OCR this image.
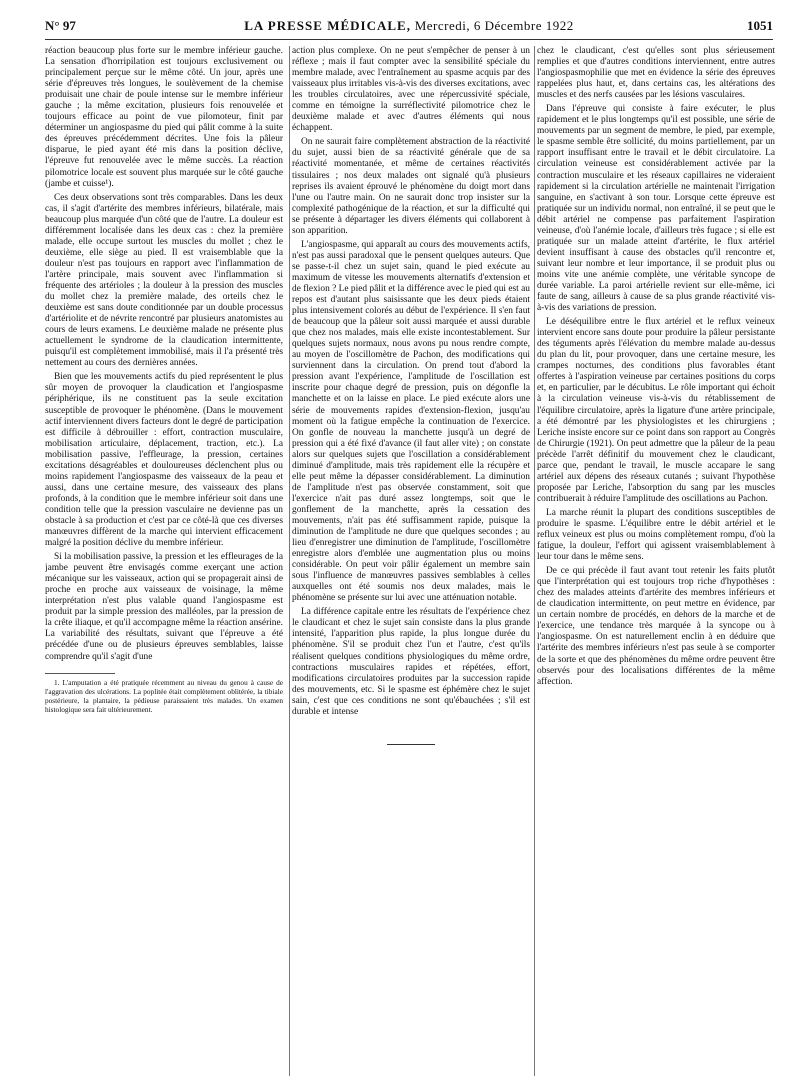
N° 97	LA PRESSE MÉDICALE, Mercredi, 6 Décembre 1922	1051

réaction beaucoup plus forte sur le membre inférieur gauche. La sensation d'horripilation est toujours exclusivement ou principalement perçue sur le même côté. Un jour, après une série d'épreuves très longues, le soulèvement de la chemise produisait une chair de poule intense sur le membre inférieur gauche ; la même excitation, plusieurs fois renouvelée et toujours efficace au point de vue pilomoteur, finit par déterminer un angiospasme du pied qui pâlit comme à la suite des épreuves précédemment décrites. Une fois la pâleur disparue, le pied ayant été mis dans la position déclive, l'épreuve fut renouvelée avec le même succès. La réaction pilomotrice locale est souvent plus marquée sur le côté gauche (jambe et cuisse¹).

Ces deux observations sont très comparables. Dans les deux cas, il s'agit d'artérite des membres inférieurs, bilatérale, mais beaucoup plus marquée d'un côté que de l'autre. La douleur est différemment localisée dans les deux cas : chez la première malade, elle occupe surtout les muscles du mollet ; chez le deuxième, elle siège au pied. Il est vraisemblable que la douleur n'est pas toujours en rapport avec l'inflammation de l'artère principale, mais souvent avec l'inflammation si fréquente des artérioles ; la douleur à la pression des muscles du mollet chez la première malade, des orteils chez le deuxième est sans doute conditionnée par un double processus d'artériolite et de névrite rencontré par plusieurs anatomistes au cours de leurs examens. Le deuxième malade ne présente plus actuellement le syndrome de la claudication intermittente, puisqu'il est complètement immobilisé, mais il l'a présenté très nettement au cours des dernières années.

Bien que les mouvements actifs du pied représentent le plus sûr moyen de provoquer la claudication et l'angiospasme périphérique, ils ne constituent pas la seule excitation susceptible de provoquer le phénomène. (Dans le mouvement actif interviennent divers facteurs dont le degré de participation est difficile à débrouiller : effort, contraction musculaire, mobilisation articulaire, déplacement, traction, etc.). La mobilisation passive, l'effleurage, la pression, certaines excitations désagréables et douloureuses déclenchent plus ou moins rapidement l'angiospasme des vaisseaux de la peau et aussi, dans une certaine mesure, des vaisseaux des plans profonds, à la condition que le membre inférieur soit dans une condition telle que la pression vasculaire ne devienne pas un obstacle à sa production et c'est par ce côté-là que ces diverses manœuvres diffèrent de la marche qui intervient efficacement malgré la position déclive du membre inférieur.

Si la mobilisation passive, la pression et les effleurages de la jambe peuvent être envisagés comme exerçant une action mécanique sur les vaisseaux, action qui se propagerait ainsi de proche en proche aux vaisseaux de voisinage, la même interprétation n'est plus valable quand l'angiospasme est produit par la simple pression des malléoles, par la pression de la crête iliaque, et qu'il accompagne même la réaction ansérine. La variabilité des résultats, suivant que l'épreuve a été précédée d'une ou de plusieurs épreuves semblables, laisse comprendre qu'il s'agit d'une

1. L'amputation a été pratiquée récemment au niveau du genou à cause de l'aggravation des ulcérations. La poplitée était complètement oblitérée, la tibiale postérieure, la plantaire, la pédieuse paraissaient très malades. Un examen histologique sera fait ultérieurement.

action plus complexe. On ne peut s'empêcher de penser à un réflexe ; mais il faut compter avec la sensibilité spéciale du membre malade, avec l'entraînement au spasme acquis par des vaisseaux plus irritables vis-à-vis des diverses excitations, avec les troubles circulatoires, avec une répercussivité spéciale, comme en témoigne la surréflectivité pilomotrice chez le deuxième malade et avec d'autres éléments qui nous échappent.

On ne saurait faire complètement abstraction de la réactivité du sujet, aussi bien de sa réactivité générale que de sa réactivité momentanée, et même de certaines réactivités tissulaires ; nos deux malades ont signalé qu'à plusieurs reprises ils avaient éprouvé le phénomène du doigt mort dans l'une ou l'autre main. On ne saurait donc trop insister sur la complexité pathogénique de la réaction, et sur la difficulté qui se présente à départager les divers éléments qui collaborent à son apparition.

L'angiospasme, qui apparaît au cours des mouvements actifs, n'est pas aussi paradoxal que le pensent quelques auteurs. Que se passe-t-il chez un sujet sain, quand le pied exécute au maximum de vitesse les mouvements alternatifs d'extension et de flexion ? Le pied pâlit et la différence avec le pied qui est au repos est d'autant plus saisissante que les deux pieds étaient plus intensivement colorés au début de l'expérience. Il s'en faut de beaucoup que la pâleur soit aussi marquée et aussi durable que chez nos malades, mais elle existe incontestablement. Sur quelques sujets normaux, nous avons pu nous rendre compte, au moyen de l'oscillomètre de Pachon, des modifications qui surviennent dans la circulation. On prend tout d'abord la pression avant l'expérience, l'amplitude de l'oscillation est inscrite pour chaque degré de pression, puis on dégonfle la manchette et on la laisse en place. Le pied exécute alors une série de mouvements rapides d'extension-flexion, jusqu'au moment où la fatigue empêche la continuation de l'exercice. On gonfle de nouveau la manchette jusqu'à un degré de pression qui a été fixé d'avance (il faut aller vite) ; on constate alors sur quelques sujets que l'oscillation a considérablement diminué d'amplitude, mais très rapidement elle la récupère et elle peut même la dépasser considérablement. La diminution de l'amplitude n'est pas observée constamment, soit que l'exercice n'ait pas duré assez longtemps, soit que le gonflement de la manchette, après la cessation des mouvements, n'ait pas été suffisamment rapide, puisque la diminution de l'amplitude ne dure que quelques secondes ; au lieu d'enregistrer une diminution de l'amplitude, l'oscillomètre enregistre alors d'emblée une augmentation plus ou moins considérable. On peut voir pâlir également un membre sain sous l'influence de manœuvres passives semblables à celles auxquelles ont été soumis nos deux malades, mais le phénomène se présente sur lui avec une atténuation notable.

La différence capitale entre les résultats de l'expérience chez le claudicant et chez le sujet sain consiste dans la plus grande intensité, l'apparition plus rapide, la plus longue durée du phénomène. S'il se produit chez l'un et l'autre, c'est qu'ils réalisent quelques conditions physiologiques du même ordre, contractions musculaires rapides et répétées, effort, modifications circulatoires produites par la succession rapide des mouvements, etc. Si le spasme est éphémère chez le sujet sain, c'est que ces conditions ne sont qu'ébauchées ; s'il est durable et intense

chez le claudicant, c'est qu'elles sont plus sérieusement remplies et que d'autres conditions interviennent, entre autres l'angiospasmophilie que met en évidence la série des épreuves rappelées plus haut, et, dans certains cas, les altérations des muscles et des nerfs causées par les lésions vasculaires.

Dans l'épreuve qui consiste à faire exécuter, le plus rapidement et le plus longtemps qu'il est possible, une série de mouvements par un segment de membre, le pied, par exemple, le spasme semble être sollicité, du moins partiellement, par un rapport insuffisant entre le travail et le débit circulatoire. La circulation veineuse est considérablement activée par la contraction musculaire et les réseaux capillaires ne videraient rapidement si la circulation artérielle ne maintenait l'irrigation sanguine, en s'activant à son tour. Lorsque cette épreuve est pratiquée sur un individu normal, non entraîné, il se peut que le débit artériel ne compense pas parfaitement l'aspiration veineuse, d'où l'anémie locale, d'ailleurs très fugace ; si elle est pratiquée sur un malade atteint d'artérite, le flux artériel devient insuffisant à cause des obstacles qu'il rencontre et, suivant leur nombre et leur importance, il se produit plus ou moins vite une anémie complète, une véritable syncope de durée variable. La paroi artérielle revient sur elle-même, ici faute de sang, ailleurs à cause de sa plus grande réactivité vis-à-vis des variations de pression.

Le déséquilibre entre le flux artériel et le reflux veineux intervient encore sans doute pour produire la pâleur persistante des téguments après l'élévation du membre malade au-dessus du plan du lit, pour provoquer, dans une certaine mesure, les crampes nocturnes, des conditions plus favorables étant offertes à l'aspiration veineuse par certaines positions du corps et, en particulier, par le décubitus. Le rôle important qui échoit à la circulation veineuse vis-à-vis du rétablissement de l'équilibre circulatoire, après la ligature d'une artère principale, a été démontré par les physiologistes et les chirurgiens ; Leriche insiste encore sur ce point dans son rapport au Congrès de Chirurgie (1921). On peut admettre que la pâleur de la peau précède l'arrêt définitif du mouvement chez le claudicant, parce que, pendant le travail, le muscle accapare le sang artériel aux dépens des réseaux cutanés ; suivant l'hypothèse proposée par Leriche, l'absorption du sang par les muscles contribuerait à réduire l'amplitude des oscillations au Pachon.

La marche réunit la plupart des conditions susceptibles de produire le spasme. L'équilibre entre le débit artériel et le reflux veineux est plus ou moins complètement rompu, d'où la fatigue, la douleur, l'effort qui agissent vraisemblablement à leur tour dans le même sens.

De ce qui précède il faut avant tout retenir les faits plutôt que l'interprétation qui est toujours trop riche d'hypothèses : chez des malades atteints d'artérite des membres inférieurs et de claudication intermittente, on peut mettre en évidence, par un certain nombre de procédés, en dehors de la marche et de l'exercice, une tendance très marquée à la syncope ou à l'angiospasme. On est naturellement enclin à en déduire que l'artérite des membres inférieurs n'est pas seule à se comporter de la sorte et que des phénomènes du même ordre peuvent être observés pour des localisations différentes de la même affection.
